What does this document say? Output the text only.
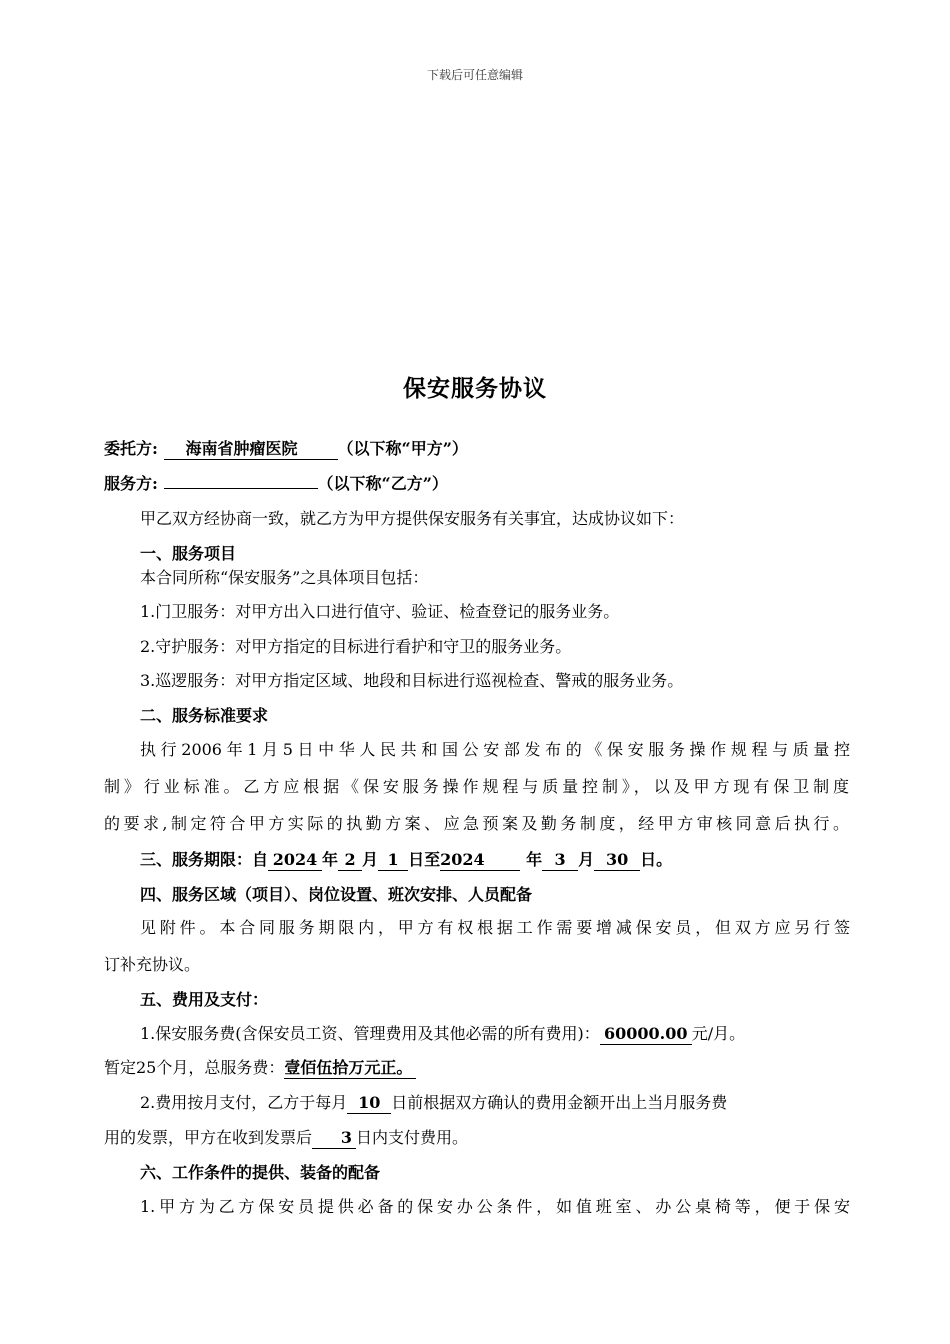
下载后可任意编辑
保安服务协议
委托方: 海南省肿瘤医院 （以下称“甲方”）
服务方:	（以下称“乙方”）
甲乙双方经协商一致，就乙方为甲方提供保安服务有关事宜，达成协议如下：
一、服务项目
本合同所称“保安服务”之具体项目包括：
1.门卫服务：对甲方出入口进行值守、验证、检查登记的服务业务。
2.守护服务：对甲方指定的目标进行看护和守卫的服务业务。
3.巡逻服务：对甲方指定区域、地段和目标进行巡视检查、警戒的服务业务。
二、服务标准要求
执行2006年1月5日中华人民共和国公安部发布的《保安服务操作规程与质量控
制》行业标准。乙方应根据《保安服务操作规程与质量控制》，以及甲方现有保卫制度
的要求,制定符合甲方实际的执勤方案、应急预案及勤务制度，经甲方审核同意后执行。
三、服务期限：自 2024 年 2 月 1 日至2024	年 3 月 30 日。
四、服务区域（项目）、岗位设置、班次安排、人员配备
见附件。本合同服务期限内，甲方有权根据工作需要增减保安员，但双方应另行签
订补充协议。
五、费用及支付：
1.保安服务费(含保安员工资、管理费用及其他必需的所有费用)： 60000.00 元/月。
暂定25个月，总服务费：壹佰伍拾万元正。
2.费用按月支付，乙方于每月 10 日前根据双方确认的费用金额开出上当月服务费
用的发票，甲方在收到发票后 3 日内支付费用。
六、工作条件的提供、装备的配备
1.甲方为乙方保安员提供必备的保安办公条件，如值班室、办公桌椅等，便于保安
